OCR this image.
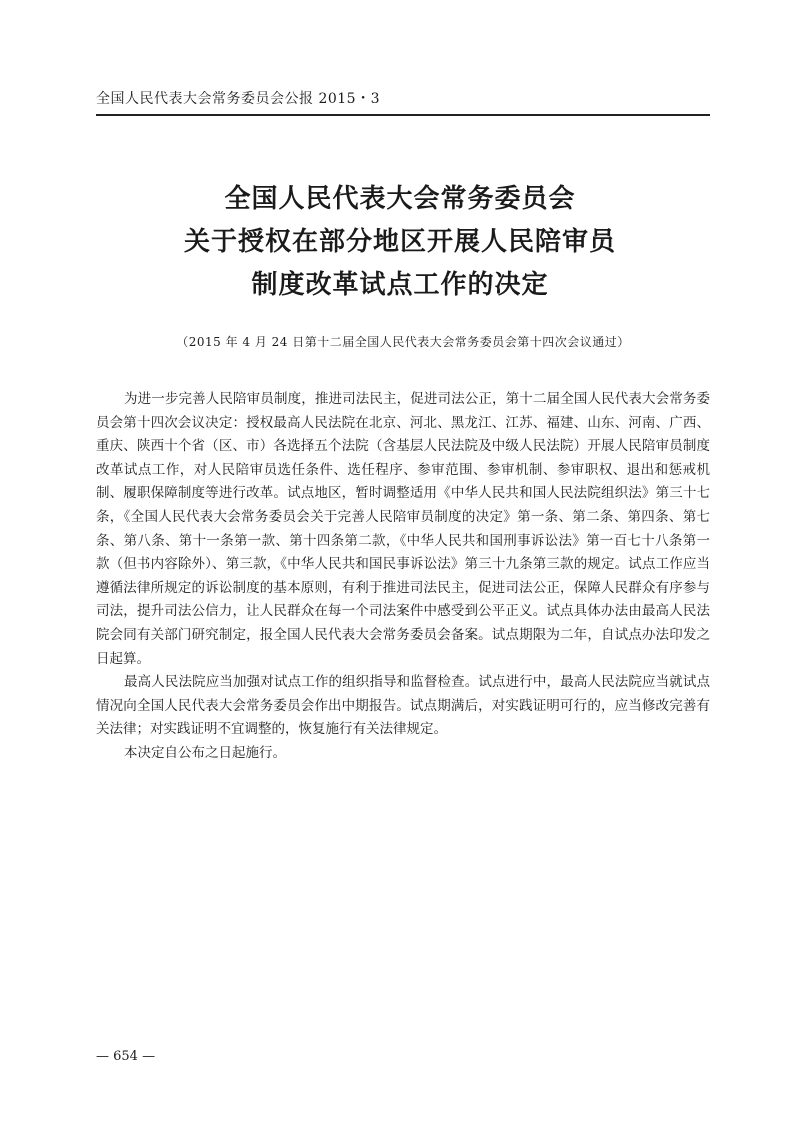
全国人民代表大会常务委员会公报 2015・3
全国人民代表大会常务委员会
关于授权在部分地区开展人民陪审员
制度改革试点工作的决定
（2015 年 4 月 24 日第十二届全国人民代表大会常务委员会第十四次会议通过）

为进一步完善人民陪审员制度，推进司法民主，促进司法公正，第十二届全国人民代表大会常务委员会第十四次会议决定：授权最高人民法院在北京、河北、黑龙江、江苏、福建、山东、河南、广西、重庆、陕西十个省（区、市）各选择五个法院（含基层人民法院及中级人民法院）开展人民陪审员制度改革试点工作，对人民陪审员选任条件、选任程序、参审范围、参审机制、参审职权、退出和惩戒机制、履职保障制度等进行改革。试点地区，暂时调整适用《中华人民共和国人民法院组织法》第三十七条，《全国人民代表大会常务委员会关于完善人民陪审员制度的决定》第一条、第二条、第四条、第七条、第八条、第十一条第一款、第十四条第二款，《中华人民共和国刑事诉讼法》第一百七十八条第一款（但书内容除外）、第三款，《中华人民共和国民事诉讼法》第三十九条第三款的规定。试点工作应当遵循法律所规定的诉讼制度的基本原则，有利于推进司法民主，促进司法公正，保障人民群众有序参与司法，提升司法公信力，让人民群众在每一个司法案件中感受到公平正义。试点具体办法由最高人民法院会同有关部门研究制定，报全国人民代表大会常务委员会备案。试点期限为二年，自试点办法印发之日起算。

最高人民法院应当加强对试点工作的组织指导和监督检查。试点进行中，最高人民法院应当就试点情况向全国人民代表大会常务委员会作出中期报告。试点期满后，对实践证明可行的，应当修改完善有关法律；对实践证明不宜调整的，恢复施行有关法律规定。

本决定自公布之日起施行。

— 654 —
